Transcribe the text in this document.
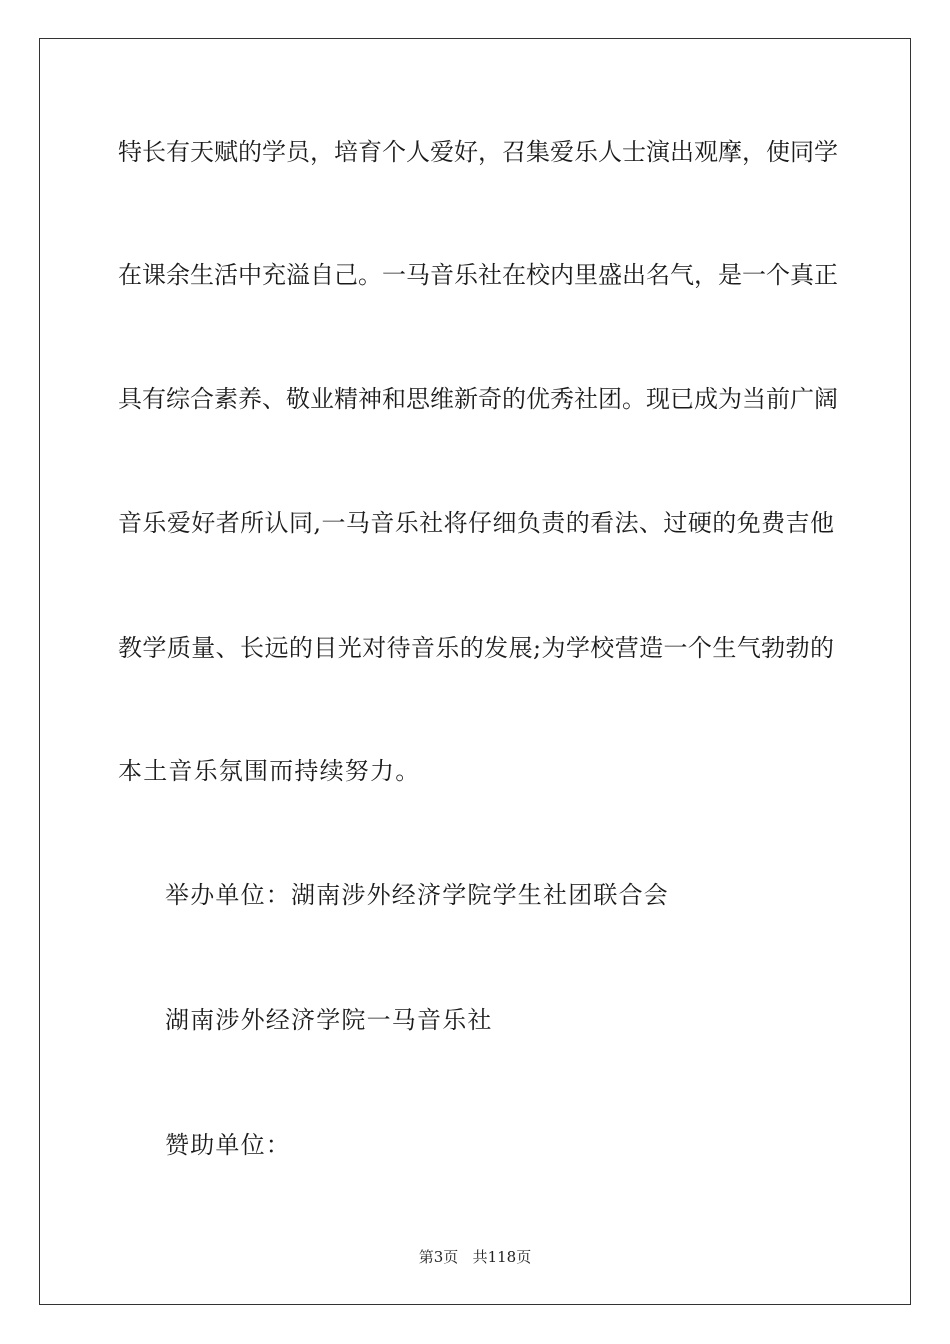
特长有天赋的学员，培育个人爱好，召集爱乐人士演出观摩，使同学
在课余生活中充溢自己。一马音乐社在校内里盛出名气，是一个真正
具有综合素养、敬业精神和思维新奇的优秀社团。现已成为当前广阔
音乐爱好者所认同,一马音乐社将仔细负责的看法、过硬的免费吉他
教学质量、长远的目光对待音乐的发展;为学校营造一个生气勃勃的
本土音乐氛围而持续努力。
举办单位：湖南涉外经济学院学生社团联合会
湖南涉外经济学院一马音乐社
赞助单位：
第3页   共118页
